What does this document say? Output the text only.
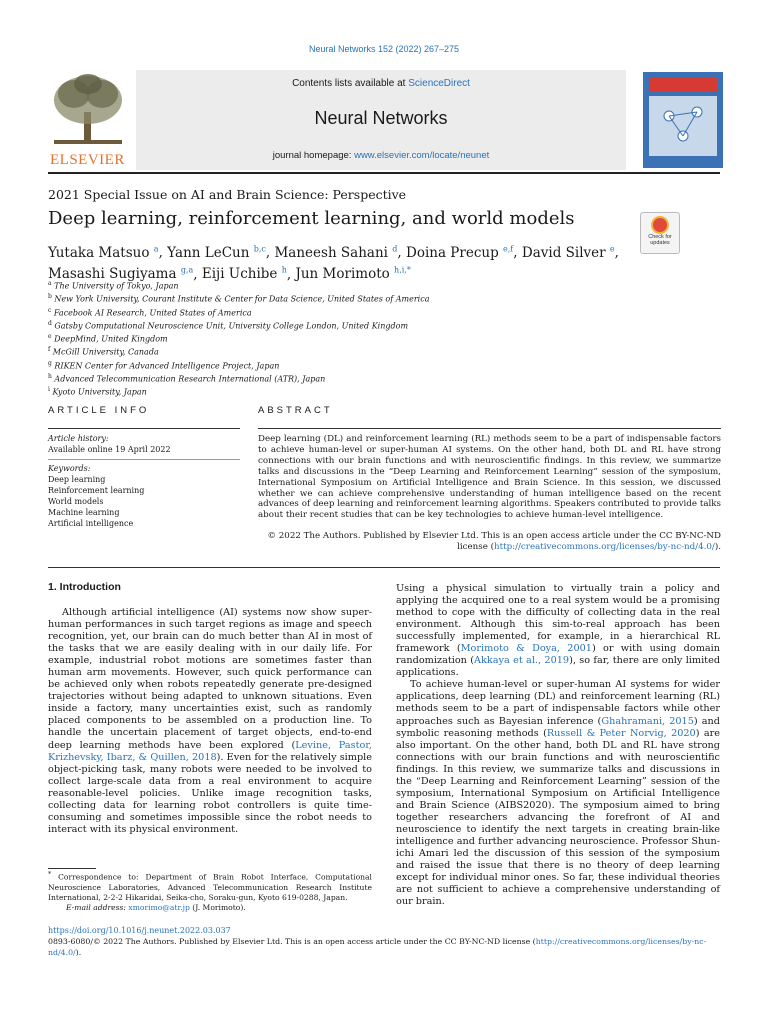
Neural Networks 152 (2022) 267–275
ELSEVIER
Contents lists available at ScienceDirect
Neural Networks
journal homepage: www.elsevier.com/locate/neunet
2021 Special Issue on AI and Brain Science: Perspective
Deep learning, reinforcement learning, and world models
Check for
updates
Yutaka Matsuo $^a$, Yann LeCun $^{b,c}$, Maneesh Sahani $^d$, Doina Precup $^{e,f}$, David Silver $^e$,
Masashi Sugiyama $^{g,a}$, Eiji Uchibe $^h$, Jun Morimoto $^{h,i,*}$
$^a$ The University of Tokyo, Japan
$^b$ New York University, Courant Institute & Center for Data Science, United States of America
$^c$ Facebook AI Research, United States of America
$^d$ Gatsby Computational Neuroscience Unit, University College London, United Kingdom
$^e$ DeepMind, United Kingdom
$^f$ McGill University, Canada
$^g$ RIKEN Center for Advanced Intelligence Project, Japan
$^h$ Advanced Telecommunication Research International (ATR), Japan
$^i$ Kyoto University, Japan
ARTICLE INFO	ABSTRACT
Article history:
Available online 19 April 2022
Keywords:
Deep learning
Reinforcement learning
World models
Machine learning
Artificial intelligence
Deep learning (DL) and reinforcement learning (RL) methods seem to be a part of indispensable factors to achieve human-level or super-human AI systems. On the other hand, both DL and RL have strong connections with our brain functions and with neuroscientific findings. In this review, we summarize talks and discussions in the “Deep Learning and Reinforcement Learning” session of the symposium, International Symposium on Artificial Intelligence and Brain Science. In this session, we discussed whether we can achieve comprehensive understanding of human intelligence based on the recent advances of deep learning and reinforcement learning algorithms. Speakers contributed to provide talks about their recent studies that can be key technologies to achieve human-level intelligence.
© 2022 The Authors. Published by Elsevier Ltd. This is an open access article under the CC BY-NC-ND
license (http://creativecommons.org/licenses/by-nc-nd/4.0/).
1. Introduction

Although artificial intelligence (AI) systems now show super-human performances in such target regions as image and speech recognition, yet, our brain can do much better than AI in most of the tasks that we are easily dealing with in our daily life. For example, industrial robot motions are sometimes faster than human arm movements. However, such quick performance can be achieved only when robots repeatedly generate pre-designed trajectories without being adapted to unknown situations. Even inside a factory, many uncertainties exist, such as randomly placed components to be assembled on a production line. To handle the uncertain placement of target objects, end-to-end deep learning methods have been explored (Levine, Pastor, Krizhevsky, Ibarz, & Quillen, 2018). Even for the relatively simple object-picking task, many robots were needed to be involved to collect large-scale data from a real environment to acquire reasonable-level policies. Unlike image recognition tasks, collecting data for learning robot controllers is quite time-consuming and sometimes impossible since the robot needs to interact with its physical environment.

Using a physical simulation to virtually train a policy and applying the acquired one to a real system would be a promising method to cope with the difficulty of collecting data in the real environment. Although this sim-to-real approach has been successfully implemented, for example, in a hierarchical RL framework (Morimoto & Doya, 2001) or with using domain randomization (Akkaya et al., 2019), so far, there are only limited applications.

To achieve human-level or super-human AI systems for wider applications, deep learning (DL) and reinforcement learning (RL) methods seem to be a part of indispensable factors while other approaches such as Bayesian inference (Ghahramani, 2015) and symbolic reasoning methods (Russell & Peter Norvig, 2020) are also important. On the other hand, both DL and RL have strong connections with our brain functions and with neuroscientific findings. In this review, we summarize talks and discussions in the “Deep Learning and Reinforcement Learning” session of the symposium, International Symposium on Artificial Intelligence and Brain Science (AIBS2020). The symposium aimed to bring together researchers advancing the forefront of AI and neuroscience to identify the next targets in creating brain-like intelligence and further advancing neuroscience. Professor Shun-ichi Amari led the discussion of this session of the symposium and raised the issue that there is no theory of deep learning except for individual minor ones. So far, these individual theories are not sufficient to achieve a comprehensive understanding of our brain.

* Correspondence to: Department of Brain Robot Interface, Computational Neuroscience Laboratories, Advanced Telecommunication Research Institute International, 2-2-2 Hikaridai, Seika-cho, Soraku-gun, Kyoto 619-0288, Japan.
E-mail address: xmorimo@atr.jp (J. Morimoto).
https://doi.org/10.1016/j.neunet.2022.03.037
0893-6080/© 2022 The Authors. Published by Elsevier Ltd. This is an open access article under the CC BY-NC-ND license (http://creativecommons.org/licenses/by-nc-nd/4.0/).
